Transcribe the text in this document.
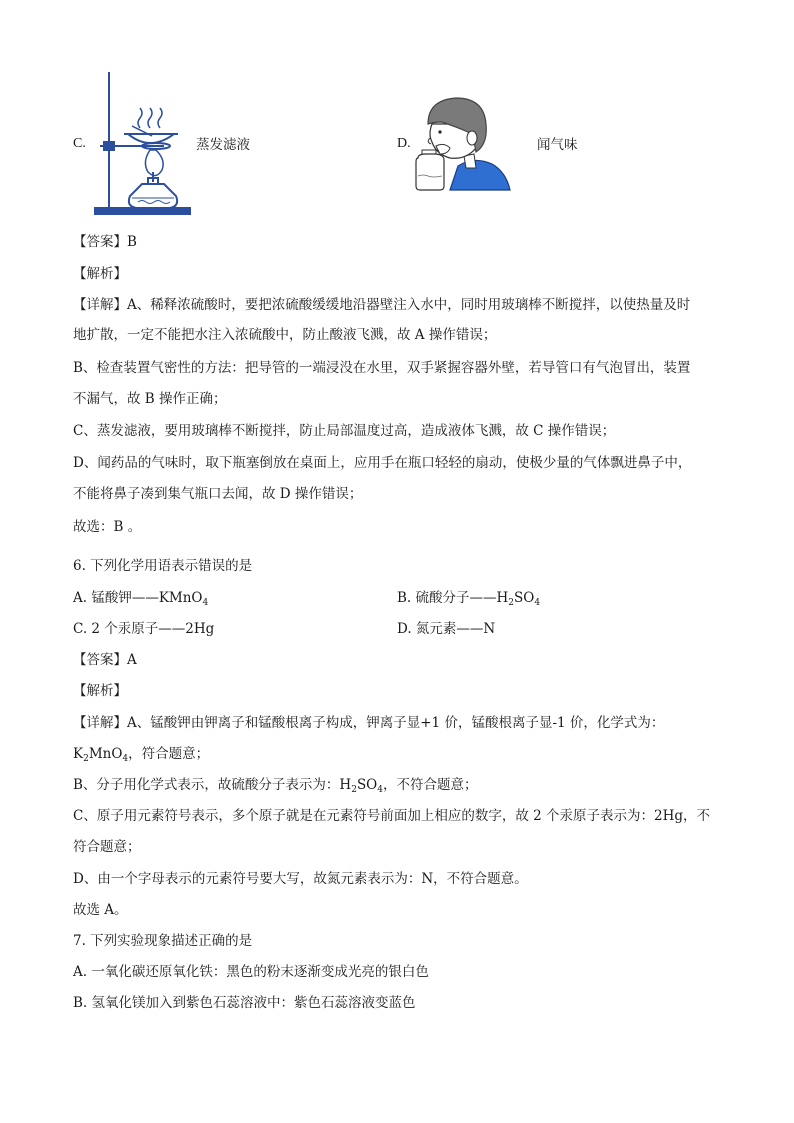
C.	蒸发滤液	D.	闻气味
【答案】B
【解析】
【详解】A、稀释浓硫酸时，要把浓硫酸缓缓地沿器壁注入水中，同时用玻璃棒不断搅拌，以使热量及时
地扩散，一定不能把水注入浓硫酸中，防止酸液飞溅，故 A 操作错误；
B、检查装置气密性的方法：把导管的一端浸没在水里，双手紧握容器外壁，若导管口有气泡冒出，装置
不漏气，故 B 操作正确；
C、蒸发滤液，要用玻璃棒不断搅拌，防止局部温度过高，造成液体飞溅，故 C 操作错误；
D、闻药品的气味时，取下瓶塞倒放在桌面上，应用手在瓶口轻轻的扇动，使极少量的气体飘进鼻子中，
不能将鼻子凑到集气瓶口去闻，故 D 操作错误；
故选：B 。
6. 下列化学用语表示错误的是
A. 锰酸钾——KMnO$_4$	B. 硫酸分子$——H_2SO_4$
C. 2 个汞原子——2Hg	D. 氮元素——N
【答案】A
【解析】
【详解】A、锰酸钾由钾离子和锰酸根离子构成，钾离子显+1 价，锰酸根离子显-1 价，化学式为：
$K_2MnO_4$，符合题意；
B、分子用化学式表示，故硫酸分子表示为：$H_2SO_4$，不符合题意；
C、原子用元素符号表示，多个原子就是在元素符号前面加上相应的数字，故 2 个汞原子表示为：2Hg，不
符合题意；
D、由一个字母表示的元素符号要大写，故氮元素表示为：N，不符合题意。
故选 A。
7. 下列实验现象描述正确的是
A. 一氧化碳还原氧化铁：黑色的粉末逐渐变成光亮的银白色
B. 氢氧化镁加入到紫色石蕊溶液中：紫色石蕊溶液变蓝色
